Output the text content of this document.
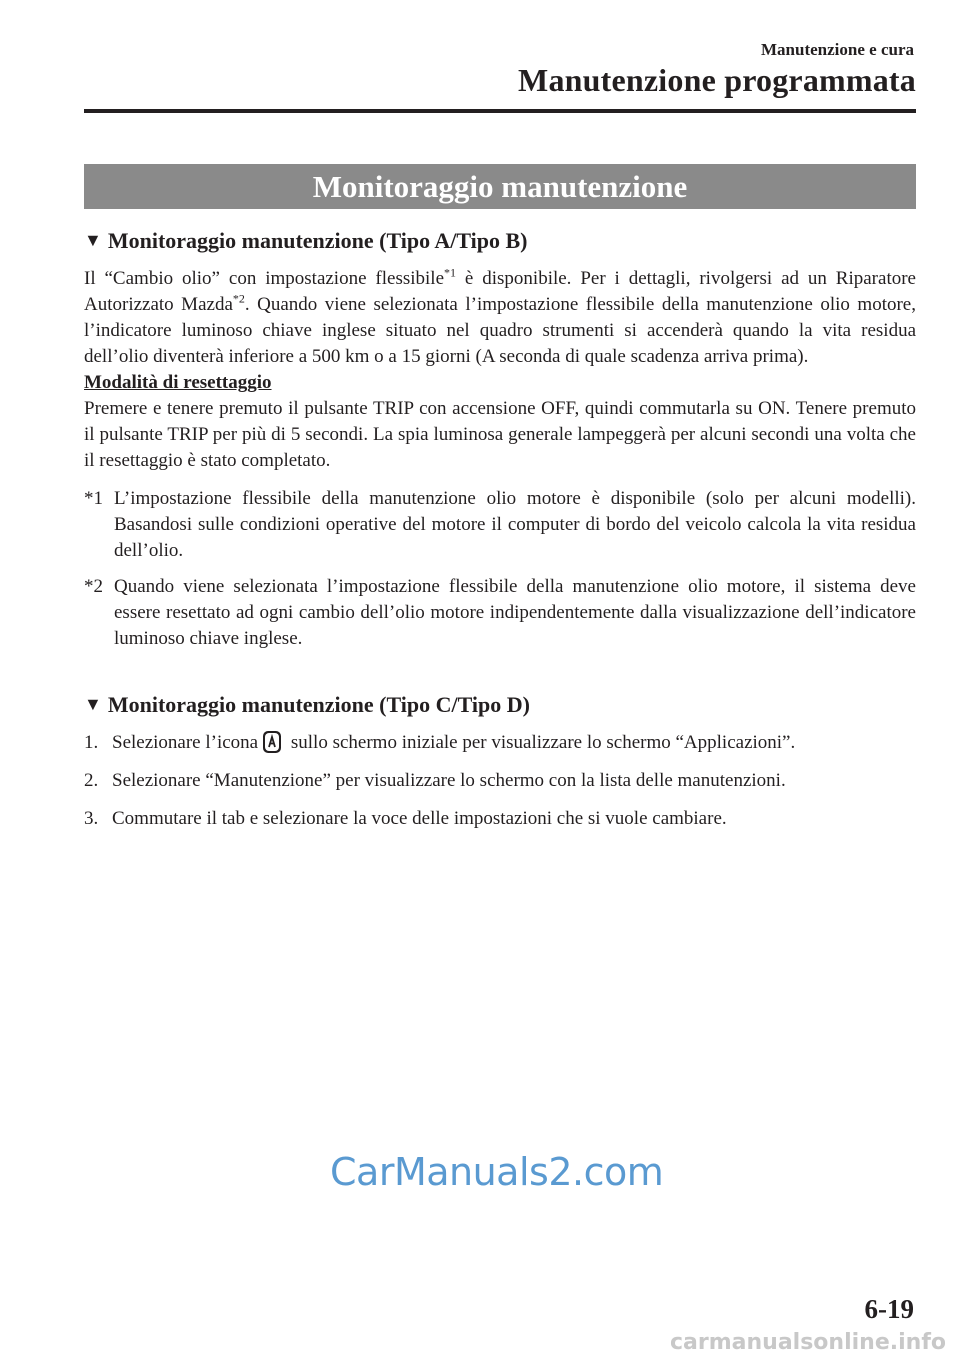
Manutenzione e cura
Manutenzione programmata
Monitoraggio manutenzione
▼ Monitoraggio manutenzione (Tipo A/Tipo B)

Il “Cambio olio” con impostazione flessibile$^{*1}$ è disponibile. Per i dettagli, rivolgersi ad un Riparatore Autorizzato Mazda$^{*2}$. Quando viene selezionata l’impostazione flessibile della manutenzione olio motore, l’indicatore luminoso chiave inglese situato nel quadro strumenti si accenderà quando la vita residua dell’olio diventerà inferiore a 500 km o a 15 giorni (A seconda di quale scadenza arriva prima).

Modalità di resettaggio

Premere e tenere premuto il pulsante TRIP con accensione OFF, quindi commutarla su ON. Tenere premuto il pulsante TRIP per più di 5 secondi. La spia luminosa generale lampeggerà per alcuni secondi una volta che il resettaggio è stato completato.

*1 L’impostazione flessibile della manutenzione olio motore è disponibile (solo per alcuni modelli). Basandosi sulle condizioni operative del motore il computer di bordo del veicolo calcola la vita residua dell’olio.
*2 Quando viene selezionata l’impostazione flessibile della manutenzione olio motore, il sistema deve essere resettato ad ogni cambio dell’olio motore indipendentemente dalla visualizzazione dell’indicatore luminoso chiave inglese.
▼ Monitoraggio manutenzione (Tipo C/Tipo D)
1. Selezionare l’icona sullo schermo iniziale per visualizzare lo schermo “Applicazioni”.
2. Selezionare “Manutenzione” per visualizzare lo schermo con la lista delle manutenzioni.
3. Commutare il tab e selezionare la voce delle impostazioni che si vuole cambiare.
CarManuals2.com
6-19
carmanualsonline.info
